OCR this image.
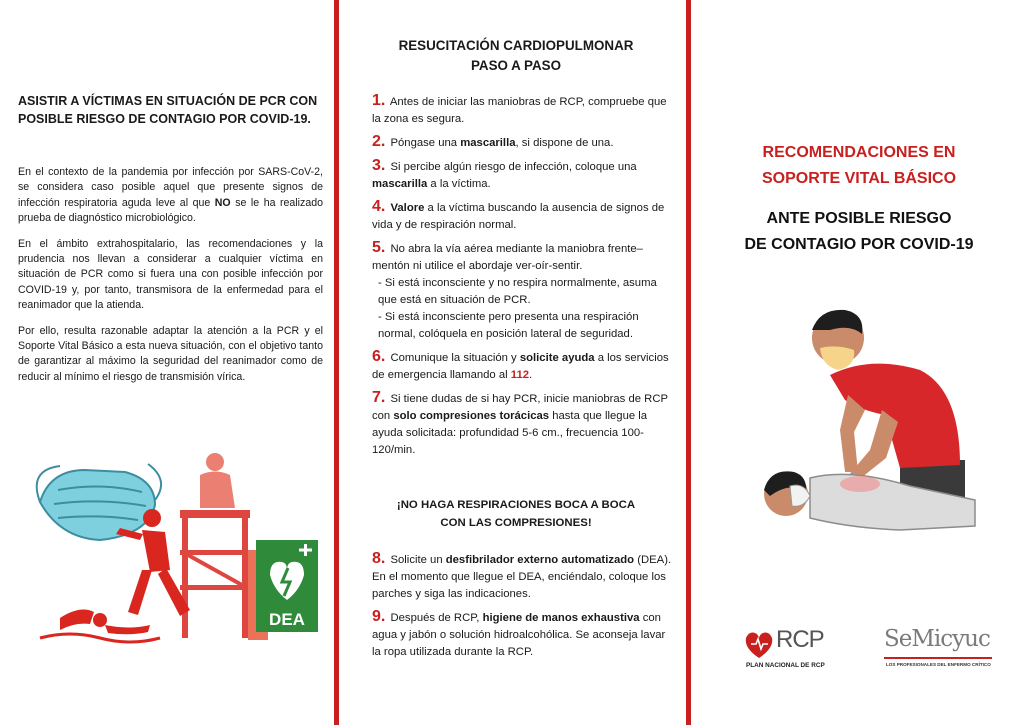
ASISTIR A VÍCTIMAS EN SITUACIÓN DE PCR CON POSIBLE RIESGO DE CONTAGIO POR COVID-19.

En el contexto de la pandemia por infección por SARS-CoV-2, se considera caso posible aquel que presente signos de infección respiratoria aguda leve al que NO se le ha realizado prueba de diagnóstico microbiológico.

En el ámbito extrahospitalario, las recomendaciones y la prudencia nos llevan a considerar a cualquier víctima en situación de PCR como si fuera una con posible infección por COVID-19 y, por tanto, transmisora de la enfermedad para el reanimador que la atienda.

Por ello, resulta razonable adaptar la atención a la PCR y el Soporte Vital Básico a esta nueva situación, con el objetivo tanto de garantizar al máximo la seguridad del reanimador como de reducir al mínimo el riesgo de transmisión vírica.

DEA
RESUCITACIÓN CARDIOPULMONAR
PASO A PASO
1. Antes de iniciar las maniobras de RCP, compruebe que la zona es segura.
2. Póngase una mascarilla, si dispone de una.
3. Si percibe algún riesgo de infección, coloque una mascarilla a la víctima.
4. Valore a la víctima buscando la ausencia de signos de vida y de respiración normal.
5. No abra la vía aérea mediante la maniobra frente–mentón ni utilice el abordaje ver-oír-sentir.
- Si está inconsciente y no respira normalmente, asuma que está en situación de PCR.
- Si está inconsciente pero presenta una respiración normal, colóquela en posición lateral de seguridad.
6. Comunique la situación y solicite ayuda a los servicios de emergencia llamando al 112.
7. Si tiene dudas de si hay PCR, inicie maniobras de RCP con solo compresiones torácicas hasta que llegue la ayuda solicitada: profundidad 5-6 cm., frecuencia 100-120/min.
¡NO HAGA RESPIRACIONES BOCA A BOCA
CON LAS COMPRESIONES!
8. Solicite un desfibrilador externo automatizado (DEA). En el momento que llegue el DEA, enciéndalo, coloque los parches y siga las indicaciones.
9. Después de RCP, higiene de manos exhaustiva con agua y jabón o solución hidroalcohólica. Se aconseja lavar la ropa utilizada durante la RCP.
RECOMENDACIONES EN
SOPORTE VITAL BÁSICO
ANTE POSIBLE RIESGO
DE CONTAGIO POR COVID-19
RCP
PLAN NACIONAL DE RCP
SeMicyuc
LOS PROFESIONALES DEL ENFERMO CRÍTICO
